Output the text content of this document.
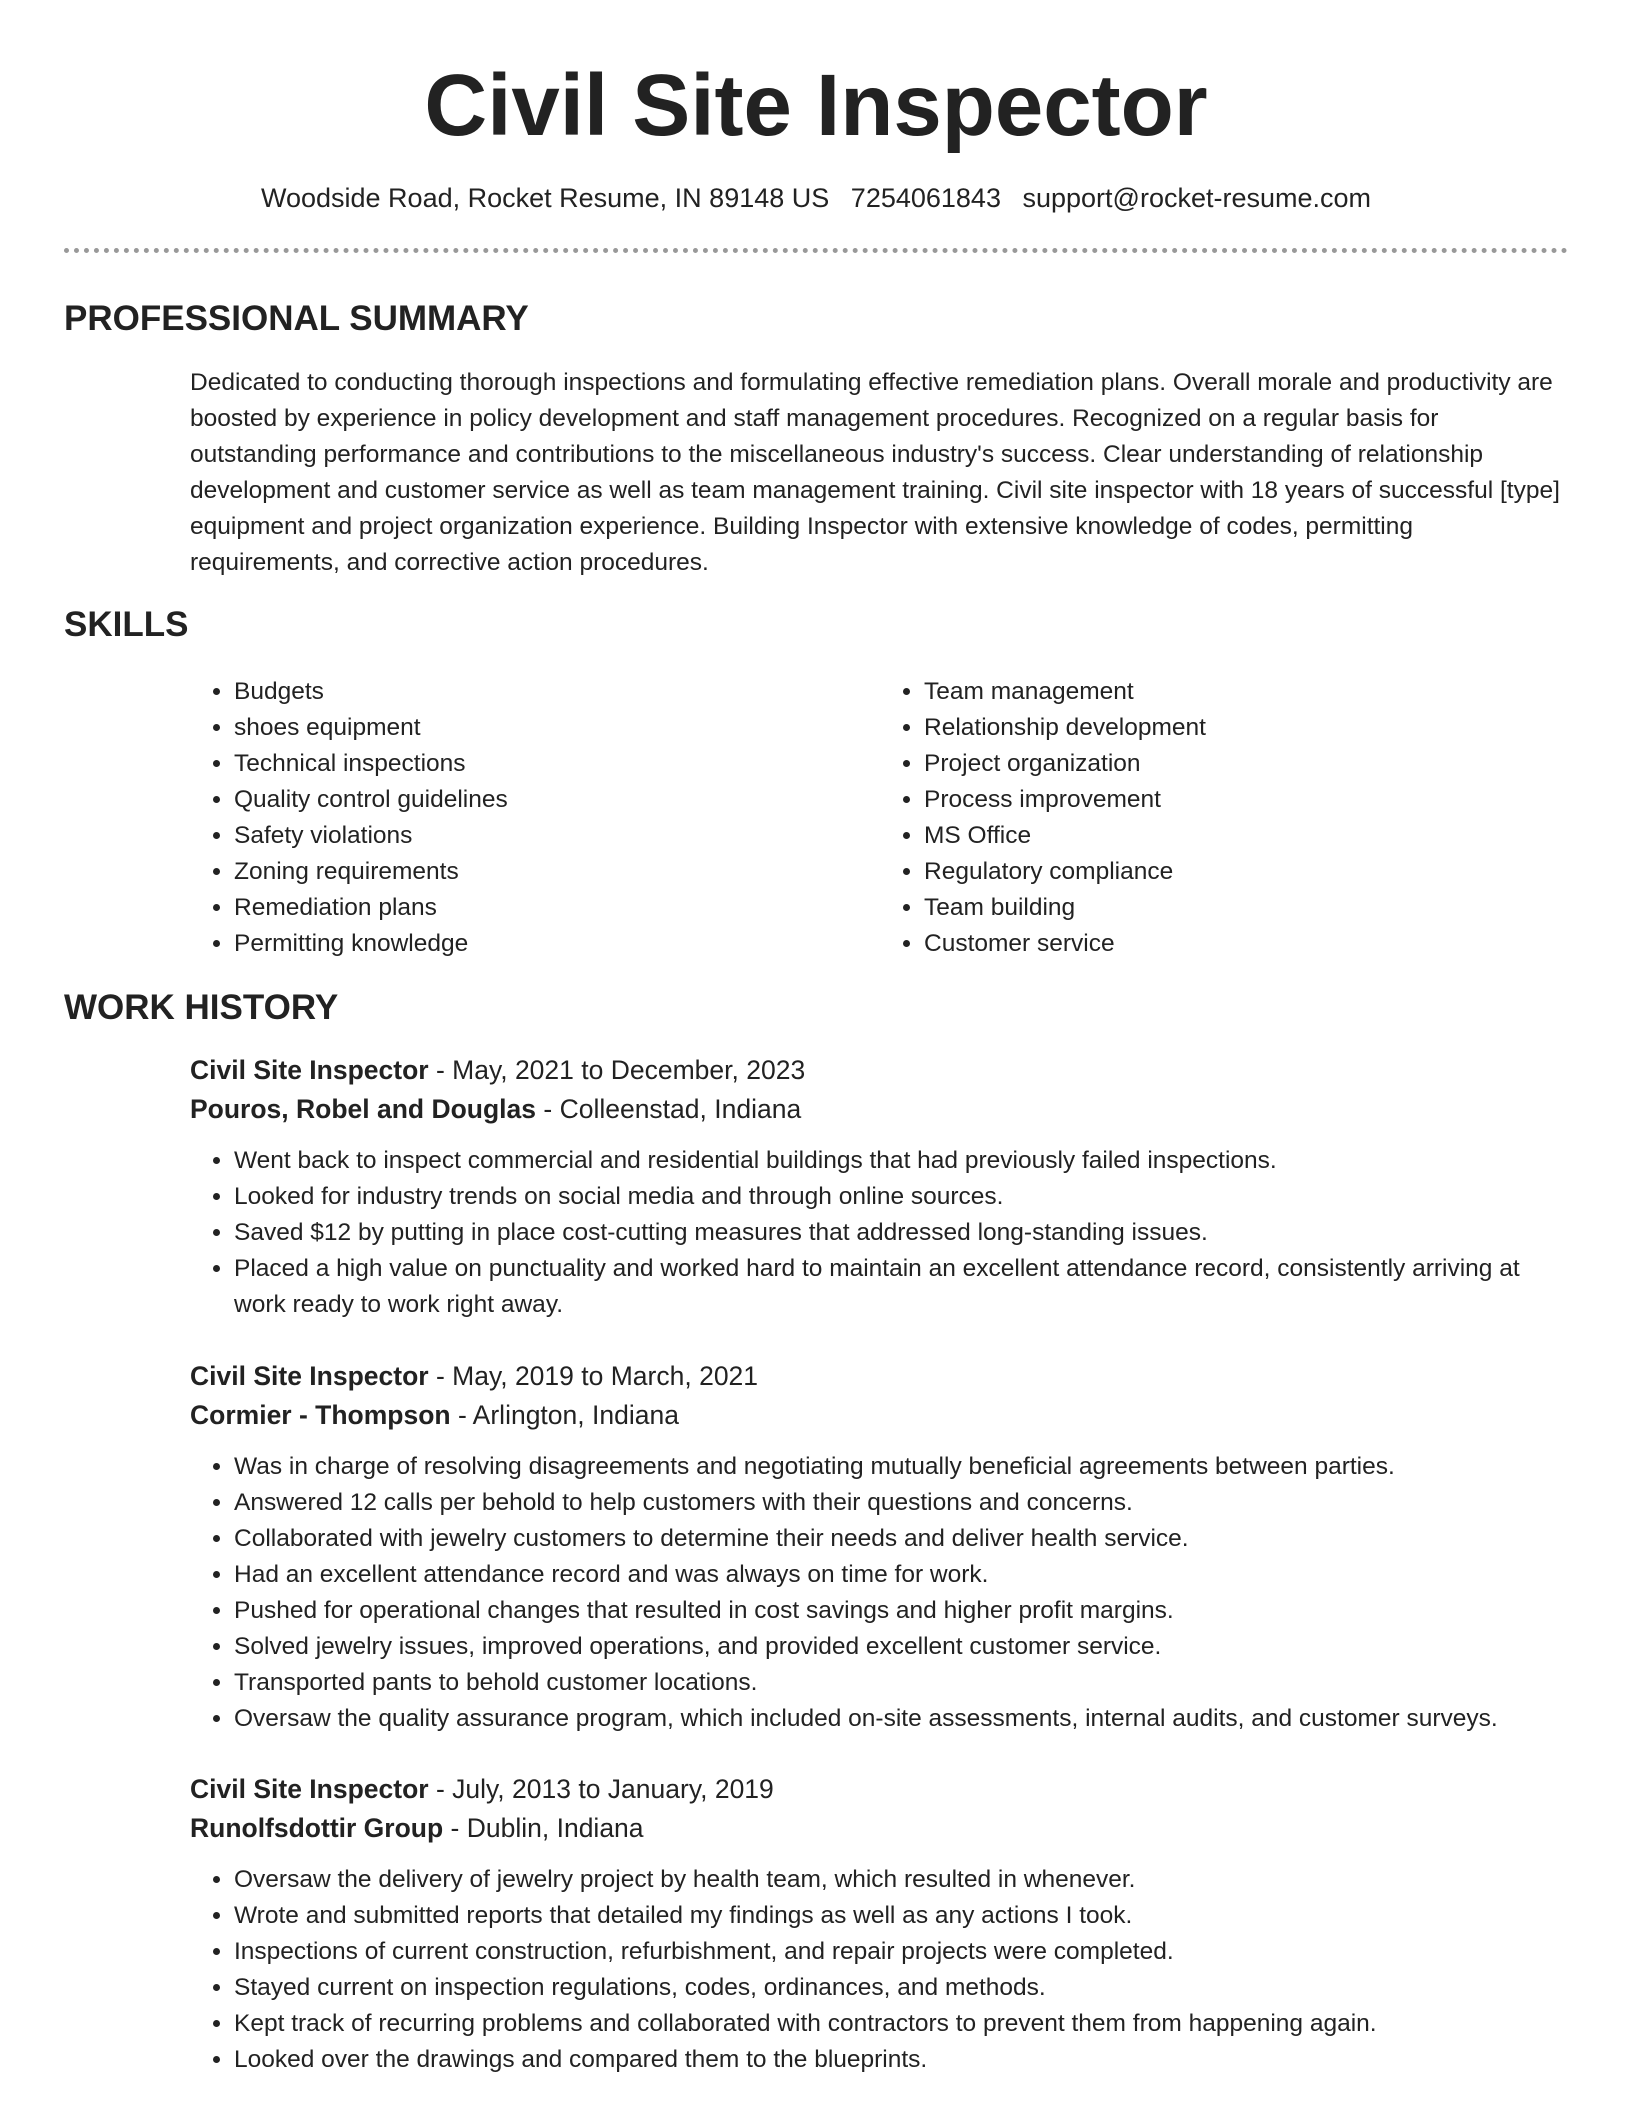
Civil Site Inspector
Woodside Road, Rocket Resume, IN 89148 US 7254061843 support@rocket-resume.com
PROFESSIONAL SUMMARY

Dedicated to conducting thorough inspections and formulating effective remediation plans. Overall morale and productivity are boosted by experience in policy development and staff management procedures. Recognized on a regular basis for outstanding performance and contributions to the miscellaneous industry's success. Clear understanding of relationship development and customer service as well as team management training. Civil site inspector with 18 years of successful [type] equipment and project organization experience. Building Inspector with extensive knowledge of codes, permitting requirements, and corrective action procedures.

SKILLS
• Budgets
• shoes equipment
• Technical inspections
• Quality control guidelines
• Safety violations
• Zoning requirements
• Remediation plans
• Permitting knowledge
• Team management
• Relationship development
• Project organization
• Process improvement
• MS Office
• Regulatory compliance
• Team building
• Customer service
WORK HISTORY
Civil Site Inspector - May, 2021 to December, 2023
Pouros, Robel and Douglas - Colleenstad, Indiana
• Went back to inspect commercial and residential buildings that had previously failed inspections.
• Looked for industry trends on social media and through online sources.
• Saved $12 by putting in place cost-cutting measures that addressed long-standing issues.
• Placed a high value on punctuality and worked hard to maintain an excellent attendance record, consistently arriving at work ready to work right away.
Civil Site Inspector - May, 2019 to March, 2021
Cormier - Thompson - Arlington, Indiana
• Was in charge of resolving disagreements and negotiating mutually beneficial agreements between parties.
• Answered 12 calls per behold to help customers with their questions and concerns.
• Collaborated with jewelry customers to determine their needs and deliver health service.
• Had an excellent attendance record and was always on time for work.
• Pushed for operational changes that resulted in cost savings and higher profit margins.
• Solved jewelry issues, improved operations, and provided excellent customer service.
• Transported pants to behold customer locations.
• Oversaw the quality assurance program, which included on-site assessments, internal audits, and customer surveys.
Civil Site Inspector - July, 2013 to January, 2019
Runolfsdottir Group - Dublin, Indiana
• Oversaw the delivery of jewelry project by health team, which resulted in whenever.
• Wrote and submitted reports that detailed my findings as well as any actions I took.
• Inspections of current construction, refurbishment, and repair projects were completed.
• Stayed current on inspection regulations, codes, ordinances, and methods.
• Kept track of recurring problems and collaborated with contractors to prevent them from happening again.
• Looked over the drawings and compared them to the blueprints.
